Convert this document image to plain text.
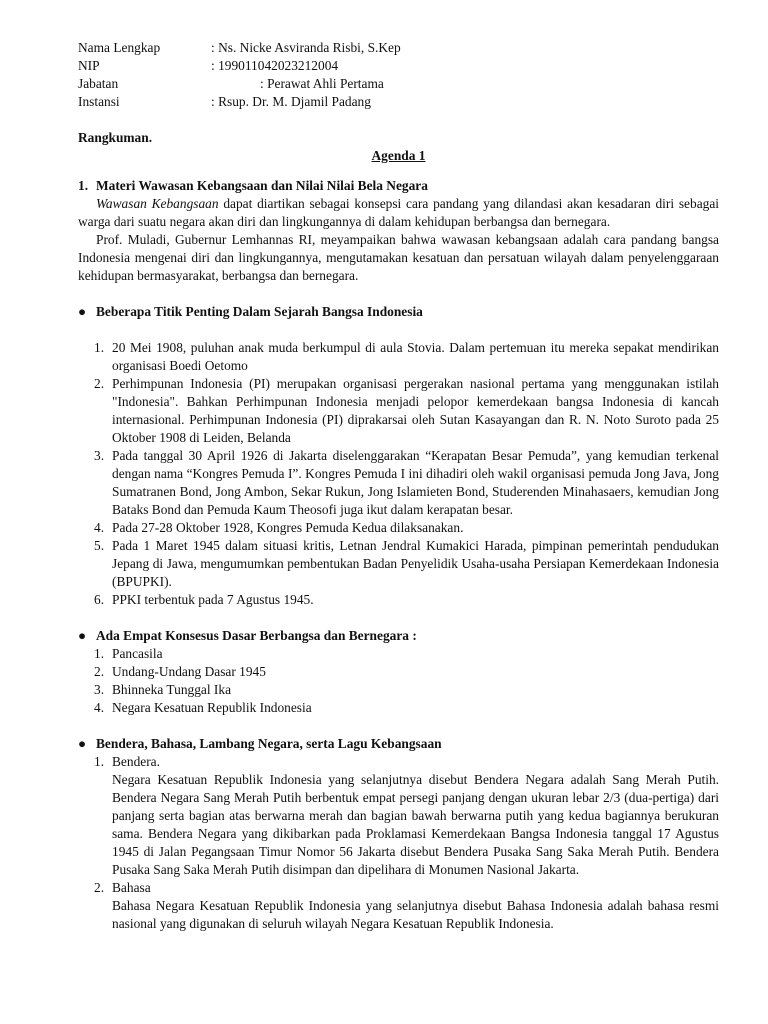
Nama Lengkap	: Ns. Nicke Asviranda Risbi, S.Kep
NIP	: 199011042023212004
Jabatan	: Perawat Ahli Pertama
Instansi	: Rsup. Dr. M. Djamil Padang
Rangkuman.
Agenda 1
1. Materi Wawasan Kebangsaan dan Nilai Nilai Bela Negara

Wawasan Kebangsaan dapat diartikan sebagai konsepsi cara pandang yang dilandasi akan kesadaran diri sebagai warga dari suatu negara akan diri dan lingkungannya di dalam kehidupan berbangsa dan bernegara.

Prof. Muladi, Gubernur Lemhannas RI, meyampaikan bahwa wawasan kebangsaan adalah cara pandang bangsa Indonesia mengenai diri dan lingkungannya, mengutamakan kesatuan dan persatuan wilayah dalam penyelenggaraan kehidupan bermasyarakat, berbangsa dan bernegara.

● Beberapa Titik Penting Dalam Sejarah Bangsa Indonesia
1. 20 Mei 1908, puluhan anak muda berkumpul di aula Stovia. Dalam pertemuan itu mereka sepakat mendirikan organisasi Boedi Oetomo
2. Perhimpunan Indonesia (PI) merupakan organisasi pergerakan nasional pertama yang menggunakan istilah "Indonesia". Bahkan Perhimpunan Indonesia menjadi pelopor kemerdekaan bangsa Indonesia di kancah internasional. Perhimpunan Indonesia (PI) diprakarsai oleh Sutan Kasayangan dan R. N. Noto Suroto pada 25 Oktober 1908 di Leiden, Belanda
3. Pada tanggal 30 April 1926 di Jakarta diselenggarakan “Kerapatan Besar Pemuda”, yang kemudian terkenal dengan nama “Kongres Pemuda I”. Kongres Pemuda I ini dihadiri oleh wakil organisasi pemuda Jong Java, Jong Sumatranen Bond, Jong Ambon, Sekar Rukun, Jong Islamieten Bond, Studerenden Minahasaers, kemudian Jong Bataks Bond dan Pemuda Kaum Theosofi juga ikut dalam kerapatan besar.
4. Pada 27-28 Oktober 1928, Kongres Pemuda Kedua dilaksanakan.
5. Pada 1 Maret 1945 dalam situasi kritis, Letnan Jendral Kumakici Harada, pimpinan pemerintah pendudukan Jepang di Jawa, mengumumkan pembentukan Badan Penyelidik Usaha-usaha Persiapan Kemerdekaan Indonesia (BPUPKI).
6. PPKI terbentuk pada 7 Agustus 1945.
● Ada Empat Konsesus Dasar Berbangsa dan Bernegara :
1. Pancasila
2. Undang-Undang Dasar 1945
3. Bhinneka Tunggal Ika
4. Negara Kesatuan Republik Indonesia
● Bendera, Bahasa, Lambang Negara, serta Lagu Kebangsaan
1. Bendera.
Negara Kesatuan Republik Indonesia yang selanjutnya disebut Bendera Negara adalah Sang Merah Putih. Bendera Negara Sang Merah Putih berbentuk empat persegi panjang dengan ukuran lebar 2/3 (dua-pertiga) dari panjang serta bagian atas berwarna merah dan bagian bawah berwarna putih yang kedua bagiannya berukuran sama. Bendera Negara yang dikibarkan pada Proklamasi Kemerdekaan Bangsa Indonesia tanggal 17 Agustus 1945 di Jalan Pegangsaan Timur Nomor 56 Jakarta disebut Bendera Pusaka Sang Saka Merah Putih. Bendera Pusaka Sang Saka Merah Putih disimpan dan dipelihara di Monumen Nasional Jakarta.
2. Bahasa
Bahasa Negara Kesatuan Republik Indonesia yang selanjutnya disebut Bahasa Indonesia adalah bahasa resmi nasional yang digunakan di seluruh wilayah Negara Kesatuan Republik Indonesia.
